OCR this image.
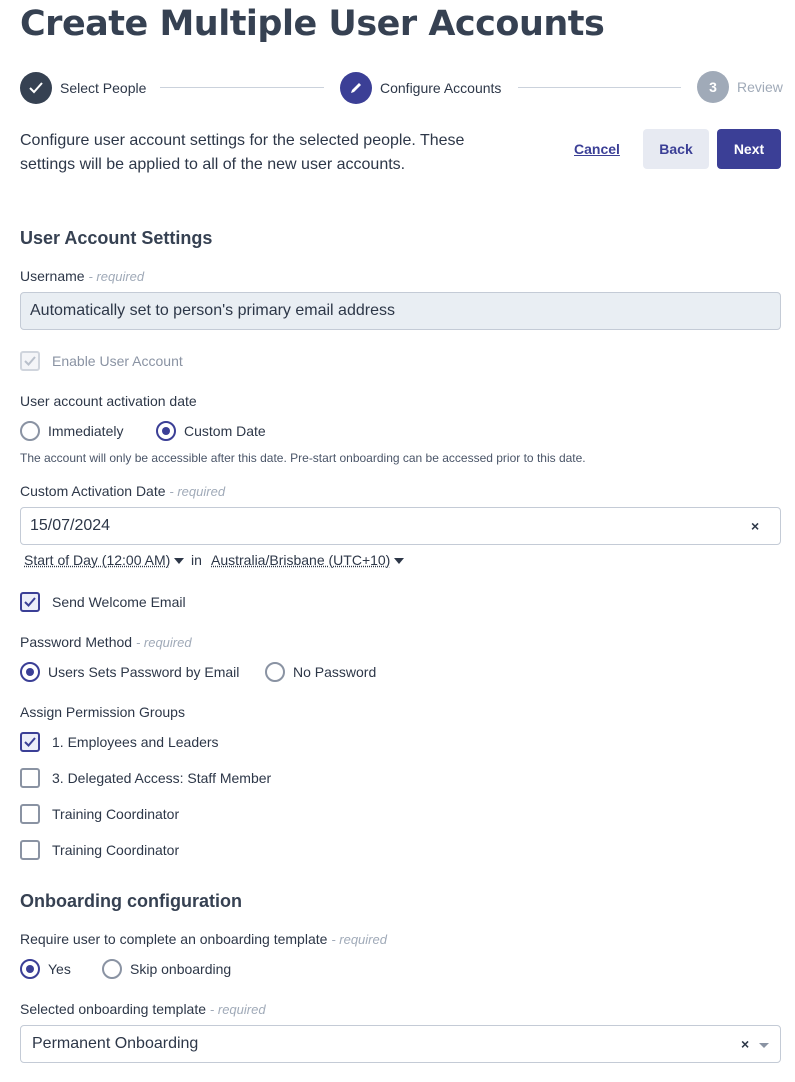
Create Multiple User Accounts
Select People	Configure Accounts	3 Review
Configure user account settings for the selected people. These settings will be applied to all of the new user accounts.
Cancel	Back	Next
User Account Settings
Username - required
Automatically set to person's primary email address
Enable User Account
User account activation date
Immediately	Custom Date
The account will only be accessible after this date. Pre-start onboarding can be accessed prior to this date.
Custom Activation Date - required
15/07/2024	×
Start of Day (12:00 AM)	in Australia/Brisbane (UTC+10)
Send Welcome Email
Password Method - required
Users Sets Password by Email	No Password
Assign Permission Groups
1. Employees and Leaders
3. Delegated Access: Staff Member
Training Coordinator
Training Coordinator
Onboarding configuration
Require user to complete an onboarding template - required
Yes	Skip onboarding
Selected onboarding template - required
Permanent Onboarding	×
